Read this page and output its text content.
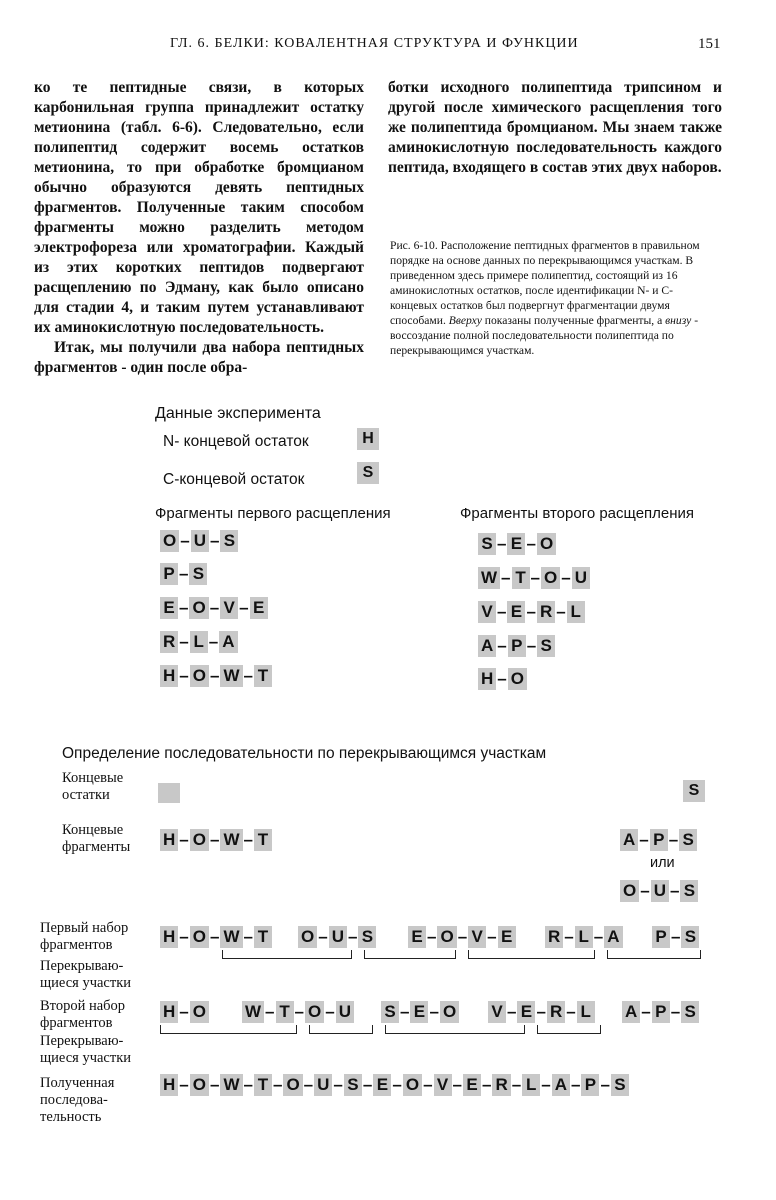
ГЛ. 6. БЕЛКИ: КОВАЛЕНТНАЯ СТРУКТУРА И ФУНКЦИИ	151

ко те пептидные связи, в которых карбонильная группа принадлежит остатку метионина (табл. 6-6). Следовательно, если полипептид содержит восемь остатков метионина, то при обработке бромцианом обычно образуются девять пептидных фрагментов. Полученные таким способом фрагменты можно разделить методом электрофореза или хроматографии. Каждый из этих коротких пептидов подвергают расщеплению по Эдману, как было описано для стадии 4, и таким путем устанавливают их аминокислотную последовательность.

Итак, мы получили два набора пептидных фрагментов - один после обра-

ботки исходного полипептида трипсином и другой после химического расщепления того же полипептида бромцианом. Мы знаем также аминокислотную последовательность каждого пептида, входящего в состав этих двух наборов.

Рис. 6-10. Расположение пептидных фрагментов в правильном порядке на основе данных по перекрывающимся участкам. В приведенном здесь примере полипептид, состоящий из 16 аминокислотных остатков, после идентификации N- и С-концевых остатков был подвергнут фрагментации двумя способами. Вверху показаны полученные фрагменты, а внизу - воссоздание полной последовательности полипептида по перекрывающимся участкам.
Данные эксперимента
N- концевой остаток	H
С-концевой остаток	S
Фрагменты первого расщепления	Фрагменты второго расщепления
O – U – S
P – S
E – O – V – E
R – L – A
H – O – W – T
S – E – O
W – T – O – U
V – E – R – L
A – P – S
H – O
Определение последовательности по перекрывающимся участкам
Концевые
остатки	S
Концевые
фрагменты
или
H – O – W – T	A – P – S
O – U – S
Первый набор
фрагментов
Перекрываю-
щиеся участки
Второй набор
фрагментов
Перекрываю-
щиеся участки
Полученная
последова-
тельность
H – O – W – T O – U – S E – O – V – E R – L – A P – S
H – O W – T – O – U S – E – O V – E – R – L A – P – S
H – O – W – T – O – U – S – E – O – V – E – R – L – A – P – S
